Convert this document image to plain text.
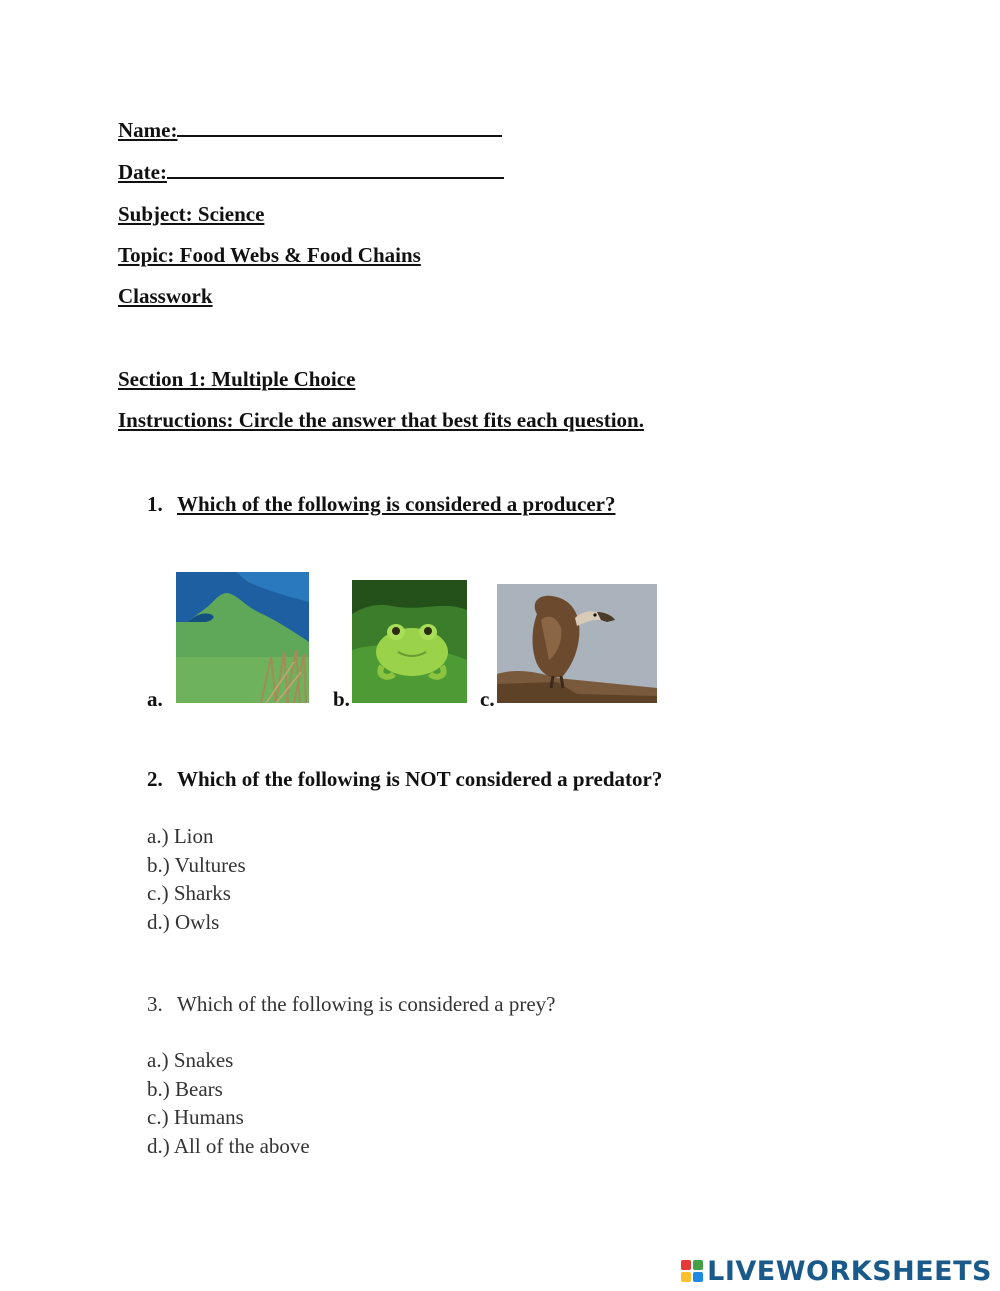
Name:
Date:
Subject: Science
Topic: Food Webs & Food Chains
Classwork
Section 1: Multiple Choice
Instructions: Circle the answer that best fits each question.
1. Which of the following is considered a producer?
a.	b.	c.
2. Which of the following is NOT considered a predator?
a.) Lion
b.) Vultures
c.) Sharks
d.) Owls
3. Which of the following is considered a prey?
a.) Snakes
b.) Bears
c.) Humans
d.) All of the above
LIVEWORKSHEETS
